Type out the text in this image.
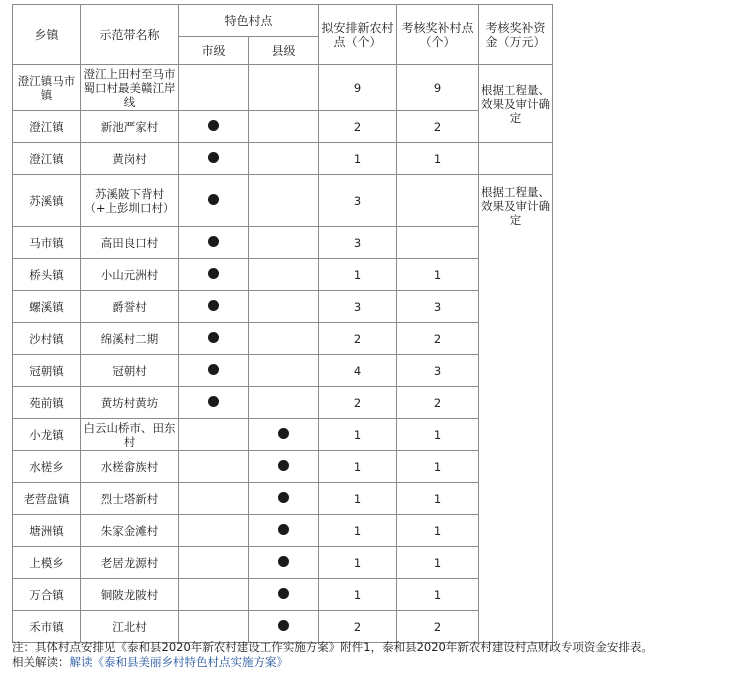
乡镇	示范带名称	特色村点		拟安排新农村点（个）	考核奖补村点（个）	考核奖补资金（万元）
		市级	县级			
澄江镇马市镇	澄江上田村至马市蜀口村最美赣江岸线			9	9	根据工程量、效果及审计确定
澄江镇	新池严家村			2	2	
澄江镇	黄岗村			1	1	
苏溪镇	苏溪陂下背村（+上彭圳口村）			3		根据工程量、效果及审计确定
马市镇	高田良口村			3		
桥头镇	小山元洲村			1	1	
螺溪镇	爵誉村			3	3	
沙村镇	绵溪村二期			2	2	
冠朝镇	冠朝村			4	3	
苑前镇	黄坊村黄坊			2	2	
小龙镇	白云山桥市、田东村			1	1	
水槎乡	水槎畲族村			1	1	
老营盘镇	烈士塔新村			1	1	
塘洲镇	朱家金滩村			1	1	
上模乡	老居龙源村			1	1	
万合镇	铜陂龙陂村			1	1	
禾市镇	江北村			2	2	
注：具体村点安排见《泰和县2020年新农村建设工作实施方案》附件1，泰和县2020年新农村建设村点财政专项资金安排表。
相关解读：解读《泰和县美丽乡村特色村点实施方案》
